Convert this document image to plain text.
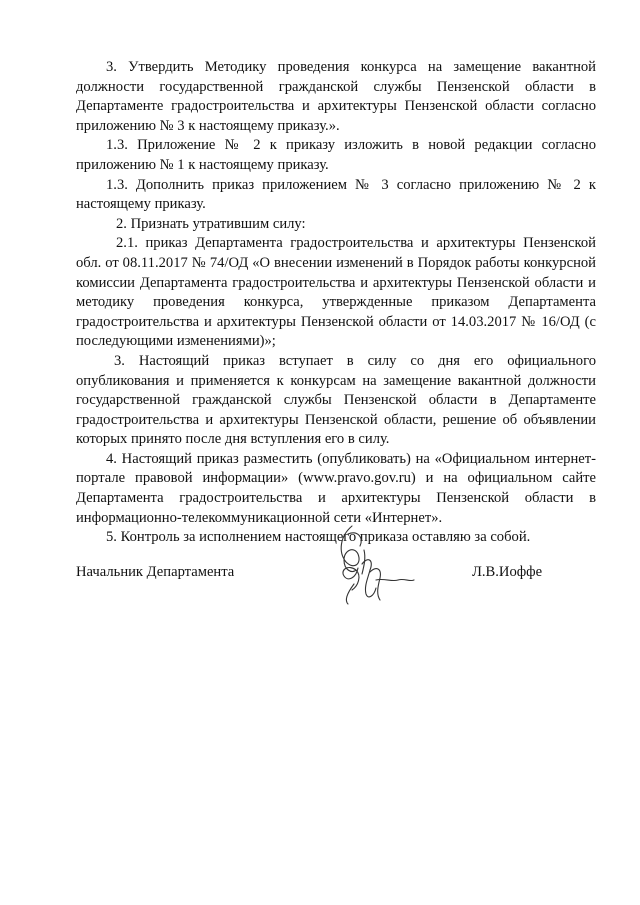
3. Утвердить Методику проведения конкурса на замещение вакантной должности государственной гражданской службы Пензенской области в Департаменте градостроительства и архитектуры Пензенской области согласно приложению № 3 к настоящему приказу.».

1.3. Приложение № 2 к приказу изложить в новой редакции согласно приложению № 1 к настоящему приказу.

1.3. Дополнить приказ приложением № 3 согласно приложению № 2 к настоящему приказу.

2. Признать утратившим силу:

2.1. приказ Департамента градостроительства и архитектуры Пензенской обл. от 08.11.2017 № 74/ОД «О внесении изменений в Порядок работы конкурсной комиссии Департамента градостроительства и архитектуры Пензенской области и методику проведения конкурса, утвержденные приказом Департамента градостроительства и архитектуры Пензенской области от 14.03.2017 № 16/ОД (с последующими изменениями)»;

3. Настоящий приказ вступает в силу со дня его официального опубликования и применяется к конкурсам на замещение вакантной должности государственной гражданской службы Пензенской области в Департаменте градостроительства и архитектуры Пензенской области, решение об объявлении которых принято после дня вступления его в силу.

4. Настоящий приказ разместить (опубликовать) на «Официальном интернет-портале правовой информации» (www.pravo.gov.ru) и на официальном сайте Департамента градостроительства и архитектуры Пензенской области в информационно-телекоммуникационной сети «Интернет».

5. Контроль за исполнением настоящего приказа оставляю за собой.

Начальник Департамента	Л.В.Иоффе
